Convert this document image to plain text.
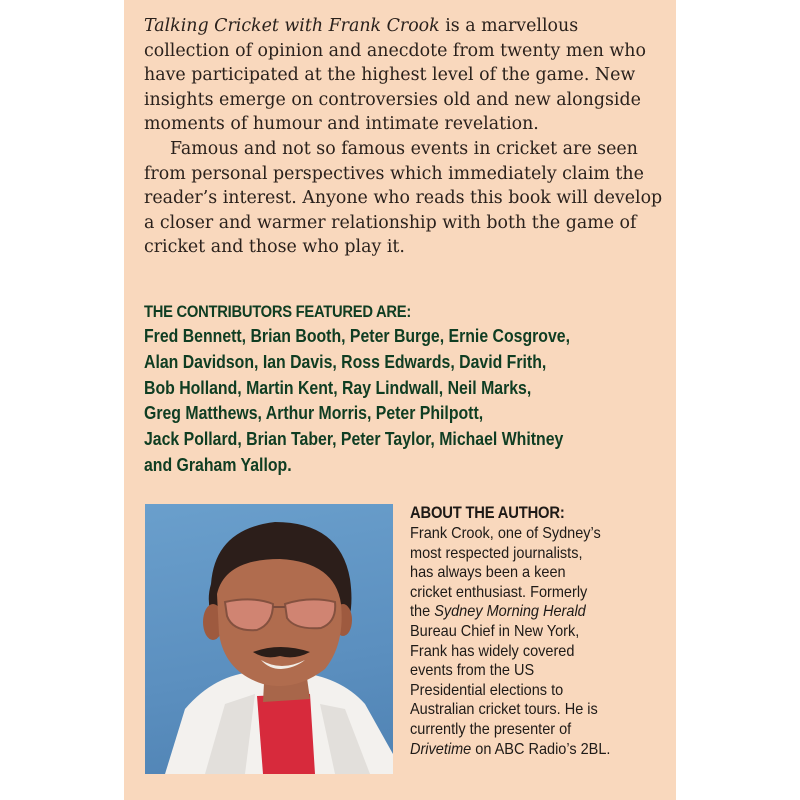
Talking Cricket with Frank Crook is a marvellous collection of opinion and anecdote from twenty men who have participated at the highest level of the game. New insights emerge on controversies old and new alongside moments of humour and intimate revelation.

Famous and not so famous events in cricket are seen from personal perspectives which immediately claim the reader’s interest. Anyone who reads this book will develop a closer and warmer relationship with both the game of cricket and those who play it.

THE CONTRIBUTORS FEATURED ARE:
Fred Bennett, Brian Booth, Peter Burge, Ernie Cosgrove,
Alan Davidson, Ian Davis, Ross Edwards, David Frith,
Bob Holland, Martin Kent, Ray Lindwall, Neil Marks,
Greg Matthews, Arthur Morris, Peter Philpott,
Jack Pollard, Brian Taber, Peter Taylor, Michael Whitney
and Graham Yallop.
ABOUT THE AUTHOR:
Frank Crook, one of Sydney’s
most respected journalists,
has always been a keen
cricket enthusiast. Formerly
the Sydney Morning Herald
Bureau Chief in New York,
Frank has widely covered
events from the US
Presidential elections to
Australian cricket tours. He is
currently the presenter of
Drivetime on ABC Radio’s 2BL.
